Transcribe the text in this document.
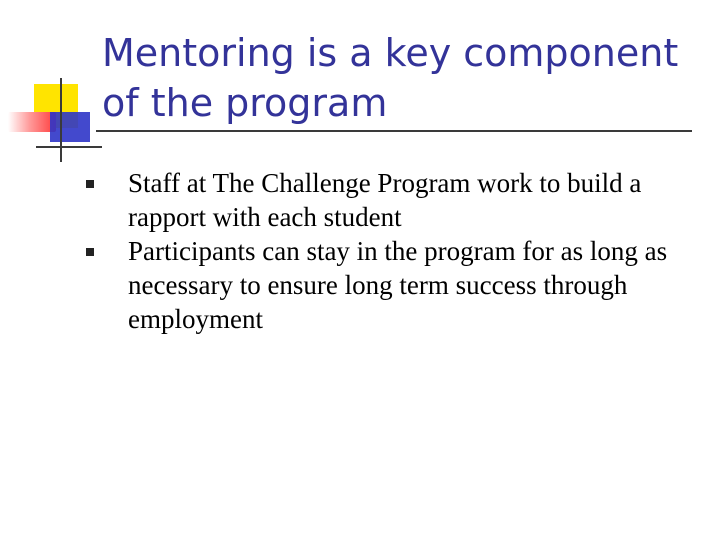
Mentoring is a key component of the program
Staff at The Challenge Program work to build a rapport with each student
Participants can stay in the program for as long as necessary to ensure long term success through employment
